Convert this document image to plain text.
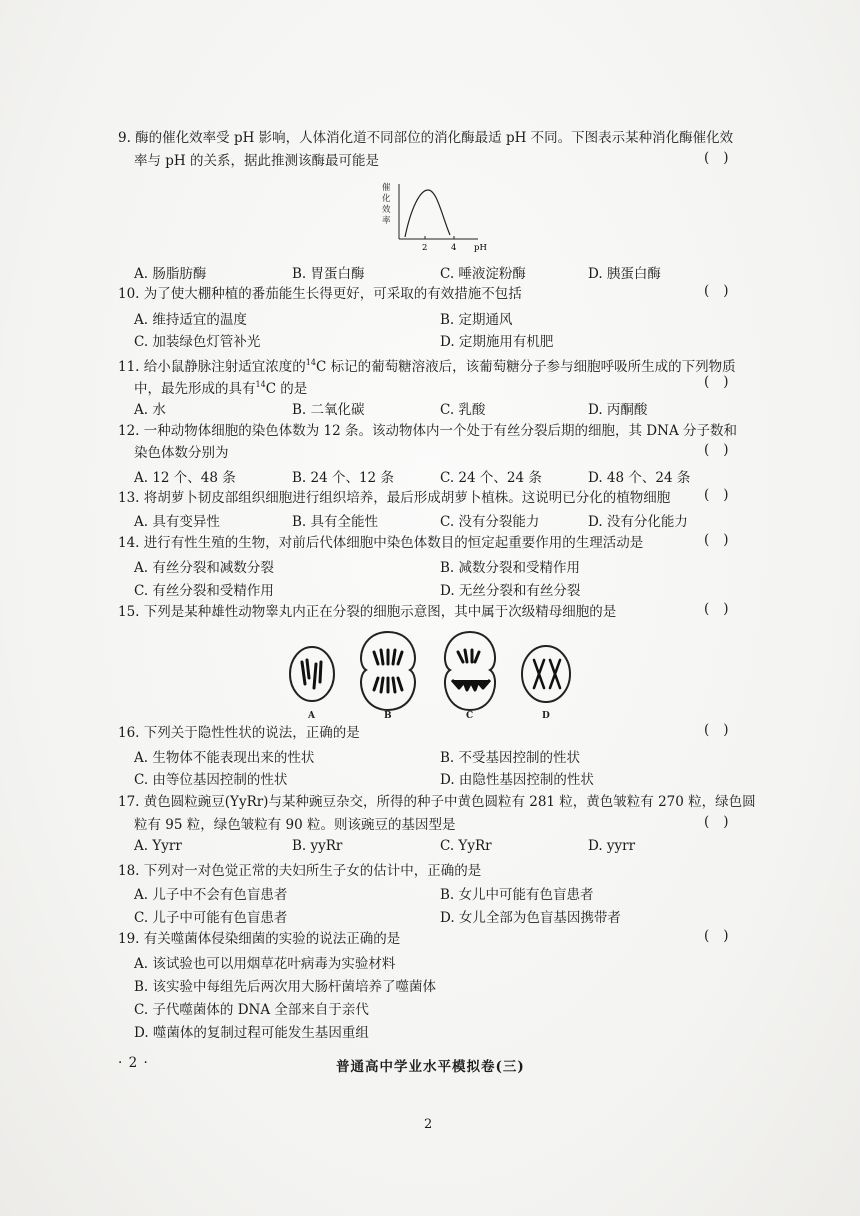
9. 酶的催化效率受 pH 影响，人体消化道不同部位的消化酶最适 pH 不同。下图表示某种消化酶催化效
率与 pH 的关系，据此推测该酶最可能是	()
催
化
效
率
2	4 pH
A. 肠脂肪酶	B. 胃蛋白酶	C. 唾液淀粉酶	D. 胰蛋白酶
10. 为了使大棚种植的番茄能生长得更好，可采取的有效措施不包括	()
A. 维持适宜的温度	B. 定期通风
C. 加装绿色灯管补光	D. 定期施用有机肥
11. 给小鼠静脉注射适宜浓度的$^{14}$C 标记的葡萄糖溶液后，该葡萄糖分子参与细胞呼吸所生成的下列物质
中，最先形成的具有$^{14}$C 的是	()
A. 水	B. 二氧化碳	C. 乳酸	D. 丙酮酸
12. 一种动物体细胞的染色体数为 12 条。该动物体内一个处于有丝分裂后期的细胞，其 DNA 分子数和
染色体数分别为	()
A. 12 个、48 条	B. 24 个、12 条	C. 24 个、24 条	D. 48 个、24 条
13. 将胡萝卜韧皮部组织细胞进行组织培养，最后形成胡萝卜植株。这说明已分化的植物细胞 ()
A. 具有变异性	B. 具有全能性	C. 没有分裂能力	D. 没有分化能力
14. 进行有性生殖的生物，对前后代体细胞中染色体数目的恒定起重要作用的生理活动是	()
A. 有丝分裂和减数分裂	B. 减数分裂和受精作用
C. 有丝分裂和受精作用	D. 无丝分裂和有丝分裂
15. 下列是某种雄性动物睾丸内正在分裂的细胞示意图，其中属于次级精母细胞的是	()
A	B	C	D
16. 下列关于隐性性状的说法，正确的是	()
A. 生物体不能表现出来的性状	B. 不受基因控制的性状
C. 由等位基因控制的性状	D. 由隐性基因控制的性状
17. 黄色圆粒豌豆(YyRr)与某种豌豆杂交，所得的种子中黄色圆粒有 281 粒，黄色皱粒有 270 粒，绿色圆
粒有 95 粒，绿色皱粒有 90 粒。则该豌豆的基因型是	()
A. Yyrr	B. yyRr	C. YyRr	D. yyrr
18. 下列对一对色觉正常的夫妇所生子女的估计中，正确的是
A. 儿子中不会有色盲患者	B. 女儿中可能有色盲患者
C. 儿子中可能有色盲患者	D. 女儿全部为色盲基因携带者
19. 有关噬菌体侵染细菌的实验的说法正确的是	()
A. 该试验也可以用烟草花叶病毒为实验材料
B. 该实验中每组先后两次用大肠杆菌培养了噬菌体
C. 子代噬菌体的 DNA 全部来自于亲代
D. 噬菌体的复制过程可能发生基因重组
· 2 ·	普通高中学业水平模拟卷(三)
2
